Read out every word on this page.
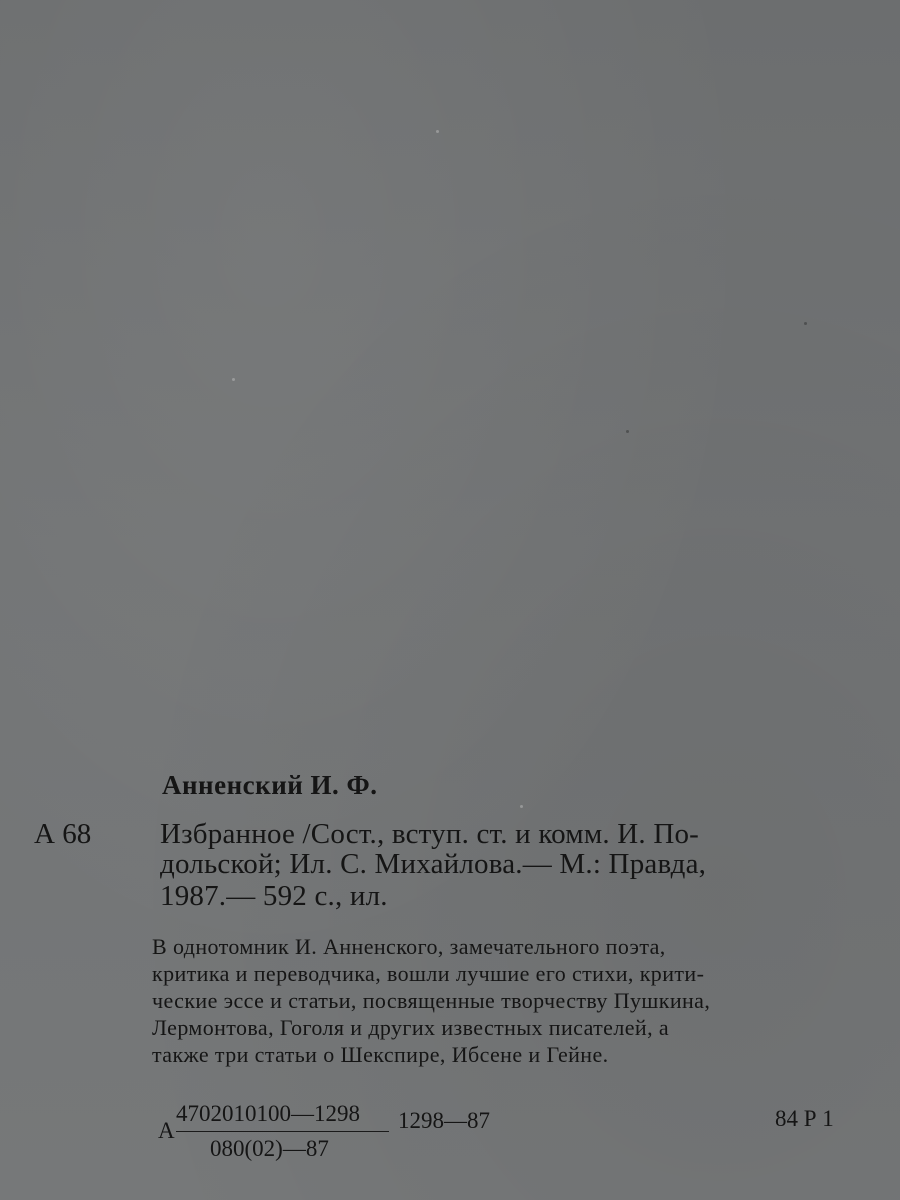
Анненский И. Ф.
А 68 Избранное /Сост., вступ. ст. и комм. И. По-
дольской; Ил. С. Михайлова.— М.: Правда,
1987.— 592 с., ил.
В однотомник И. Анненского, замечательного поэта,
критика и переводчика, вошли лучшие его стихи, крити-
ческие эссе и статьи, посвященные творчеству Пушкина,
Лермонтова, Гоголя и других известных писателей, а
также три статьи о Шекспире, Ибсене и Гейне.
А
4702010100—1298
080(02)—87
1298—87	84 Р 1
